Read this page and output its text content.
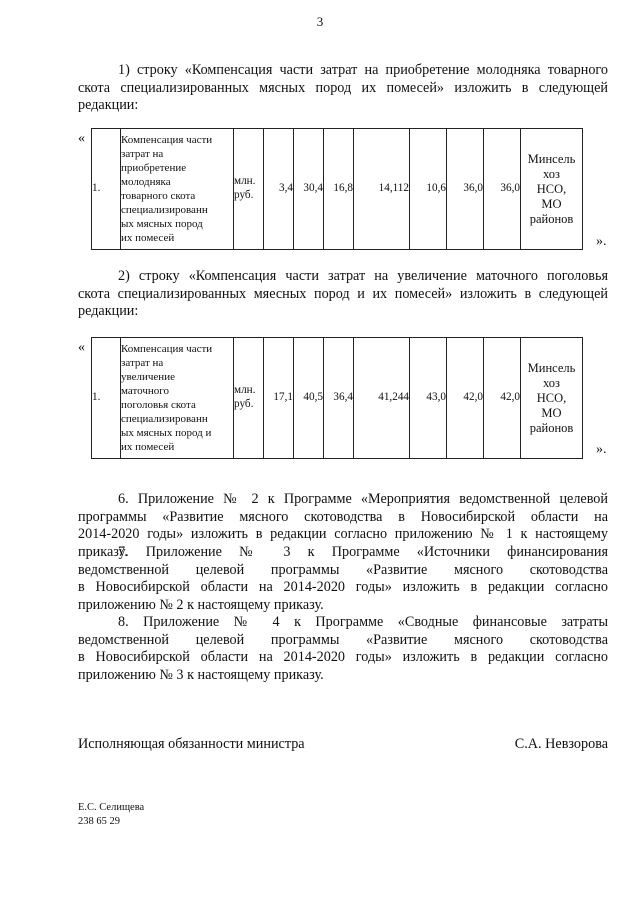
3
1) строку «Компенсация части затрат на приобретение молодняка товарного
скота специализированных мясных пород их помесей» изложить в следующей
редакции:
«
1.	Компенсация части
затрат на
приобретение
молодняка
товарного скота
специализированн
ых мясных пород
их помесей	млн.
руб.	3,4	30,4	16,8	14,112	10,6	36,0	36,0	Минсель
хоз
НСО,
МО
районов
».
2) строку «Компенсация части затрат на увеличение маточного поголовья
скота специализированных мяесных пород и их помесей» изложить в следующей
редакции:
«
1.	Компенсация части
затрат на
увеличение
маточного
поголовья скота
специализированн
ых мясных пород и
их помесей	млн.
руб.	17,1	40,5	36,4	41,244	43,0	42,0	42,0	Минсель
хоз
НСО,
МО
районов
».
6. Приложение № 2 к Программе «Мероприятия ведомственной целевой
программы «Развитие мясного скотоводства в Новосибирской области на
2014-2020 годы» изложить в редакции согласно приложению № 1 к настоящему
приказу.
7. Приложение № 3 к Программе «Источники финансирования
ведомственной целевой программы «Развитие мясного скотоводства
в Новосибирской области на 2014-2020 годы» изложить в редакции согласно
приложению № 2 к настоящему приказу.
8. Приложение № 4 к Программе «Сводные финансовые затраты
ведомственной целевой программы «Развитие мясного скотоводства
в Новосибирской области на 2014-2020 годы» изложить в редакции согласно
приложению № 3 к настоящему приказу.
Исполняющая обязанности министра	С.А. Невзорова
Е.С. Селищева
238 65 29
